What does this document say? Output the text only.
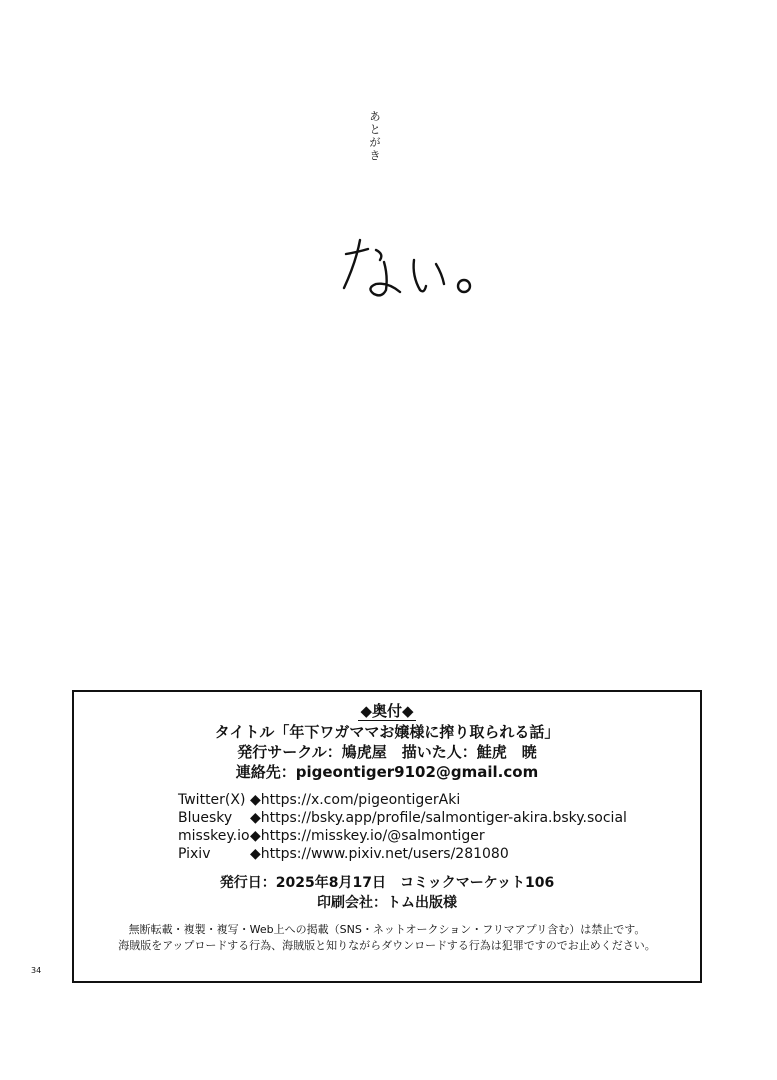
あとがき
◆奥付◆
タイトル「年下ワガママお嬢様に搾り取られる話」
発行サークル：鳩虎屋　描いた人：鮭虎　暁
連絡先：pigeontiger9102@gmail.com
Twitter(X) ◆https://x.com/pigeontigerAki
Bluesky	◆https://bsky.app/profile/salmontiger-akira.bsky.social
misskey.io ◆https://misskey.io/@salmontiger
Pixiv	◆https://www.pixiv.net/users/281080
発行日：2025年8月17日　コミックマーケット106
印刷会社：トム出版様
無断転載・複製・複写・Web上への掲載（SNS・ネットオークション・フリマアプリ含む）は禁止です。
海賊版をアップロードする行為、海賊版と知りながらダウンロードする行為は犯罪ですのでお止めください。
34
